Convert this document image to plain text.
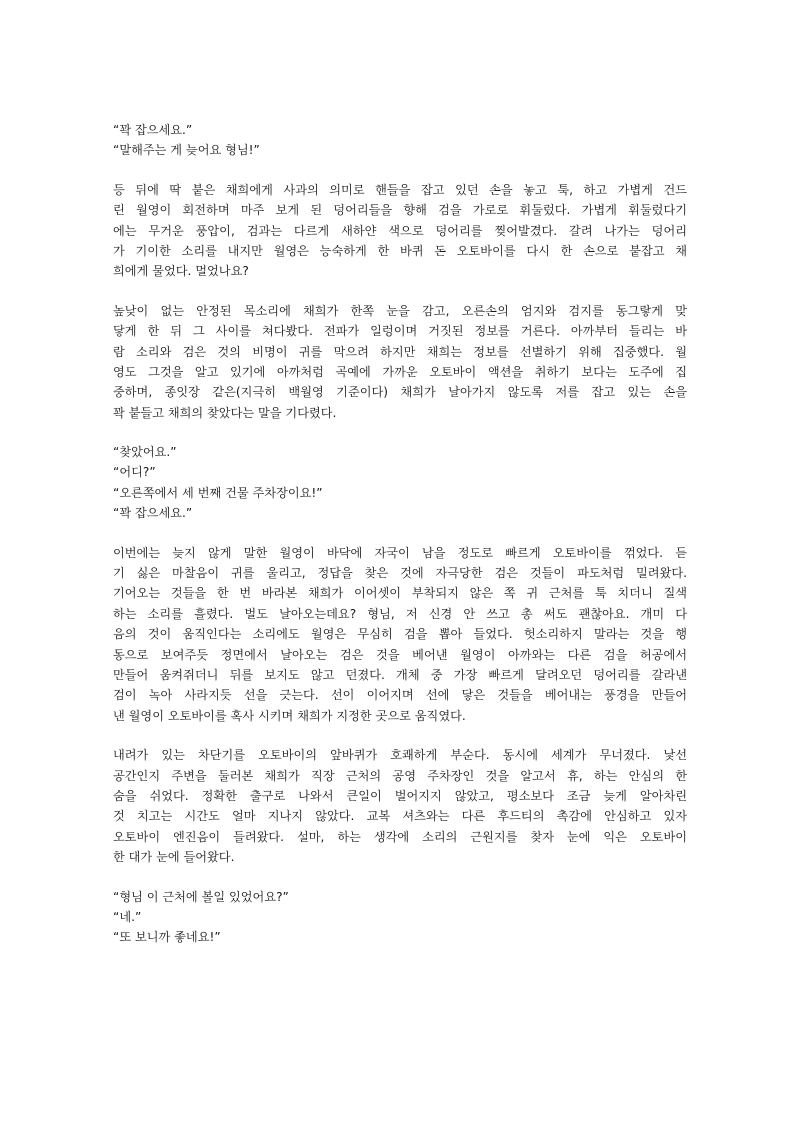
“꽉 잡으세요.”
“말해주는 게 늦어요 형님!”
등 뒤에 딱 붙은 채희에게 사과의 의미로 핸들을 잡고 있던 손을 놓고 툭, 하고 가볍게 건드
린 월영이 회전하며 마주 보게 된 덩어리들을 향해 검을 가로로 휘둘렀다. 가볍게 휘둘렀다기
에는 무거운 풍압이, 검과는 다르게 새하얀 색으로 덩어리를 찢어발겼다. 갈려 나가는 덩어리
가 기이한 소리를 내지만 월영은 능숙하게 한 바퀴 돈 오토바이를 다시 한 손으로 붙잡고 채
희에게 물었다. 멀었나요?
높낮이 없는 안정된 목소리에 채희가 한쪽 눈을 감고, 오른손의 엄지와 검지를 동그랗게 맞
닿게 한 뒤 그 사이를 쳐다봤다. 전파가 일렁이며 거짓된 정보를 거른다. 아까부터 들리는 바
람 소리와 검은 것의 비명이 귀를 막으려 하지만 채희는 정보를 선별하기 위해 집중했다. 월
영도 그것을 알고 있기에 아까처럼 곡예에 가까운 오토바이 액션을 취하기 보다는 도주에 집
중하며, 종잇장 같은(지극히 백월영 기준이다) 채희가 날아가지 않도록 저를 잡고 있는 손을
꽉 붙들고 채희의 찾았다는 말을 기다렸다.
“찾았어요.”
“어디?”
“오른쪽에서 세 번째 건물 주차장이요!”
“꽉 잡으세요.”
이번에는 늦지 않게 말한 월영이 바닥에 자국이 남을 정도로 빠르게 오토바이를 꺾었다. 듣
기 싫은 마찰음이 귀를 울리고, 정답을 찾은 것에 자극당한 검은 것들이 파도처럼 밀려왔다.
기어오는 것들을 한 번 바라본 채희가 이어셋이 부착되지 않은 쪽 귀 근처를 툭 치더니 질색
하는 소리를 흘렸다. 벌도 날아오는데요? 형님, 저 신경 안 쓰고 총 써도 괜찮아요. 개미 다
음의 것이 움직인다는 소리에도 월영은 무심히 검을 뽑아 들었다. 헛소리하지 말라는 것을 행
동으로 보여주듯 정면에서 날아오는 검은 것을 베어낸 월영이 아까와는 다른 검을 허공에서
만들어 움켜쥐더니 뒤를 보지도 않고 던졌다. 개체 중 가장 빠르게 달려오던 덩어리를 갈라낸
검이 녹아 사라지듯 선을 긋는다. 선이 이어지며 선에 닿은 것들을 베어내는 풍경을 만들어
낸 월영이 오토바이를 혹사 시키며 채희가 지정한 곳으로 움직였다.
내려가 있는 차단기를 오토바이의 앞바퀴가 호쾌하게 부순다. 동시에 세계가 무너졌다. 낯선
공간인지 주변을 둘러본 채희가 직장 근처의 공영 주차장인 것을 알고서 휴, 하는 안심의 한
숨을 쉬었다. 정확한 출구로 나와서 큰일이 벌어지지 않았고, 평소보다 조금 늦게 알아차린
것 치고는 시간도 얼마 지나지 않았다. 교복 셔츠와는 다른 후드티의 촉감에 안심하고 있자
오토바이 엔진음이 들려왔다. 설마, 하는 생각에 소리의 근원지를 찾자 눈에 익은 오토바이
한 대가 눈에 들어왔다.
“형님 이 근처에 볼일 있었어요?”
“네.”
“또 보니까 좋네요!”
